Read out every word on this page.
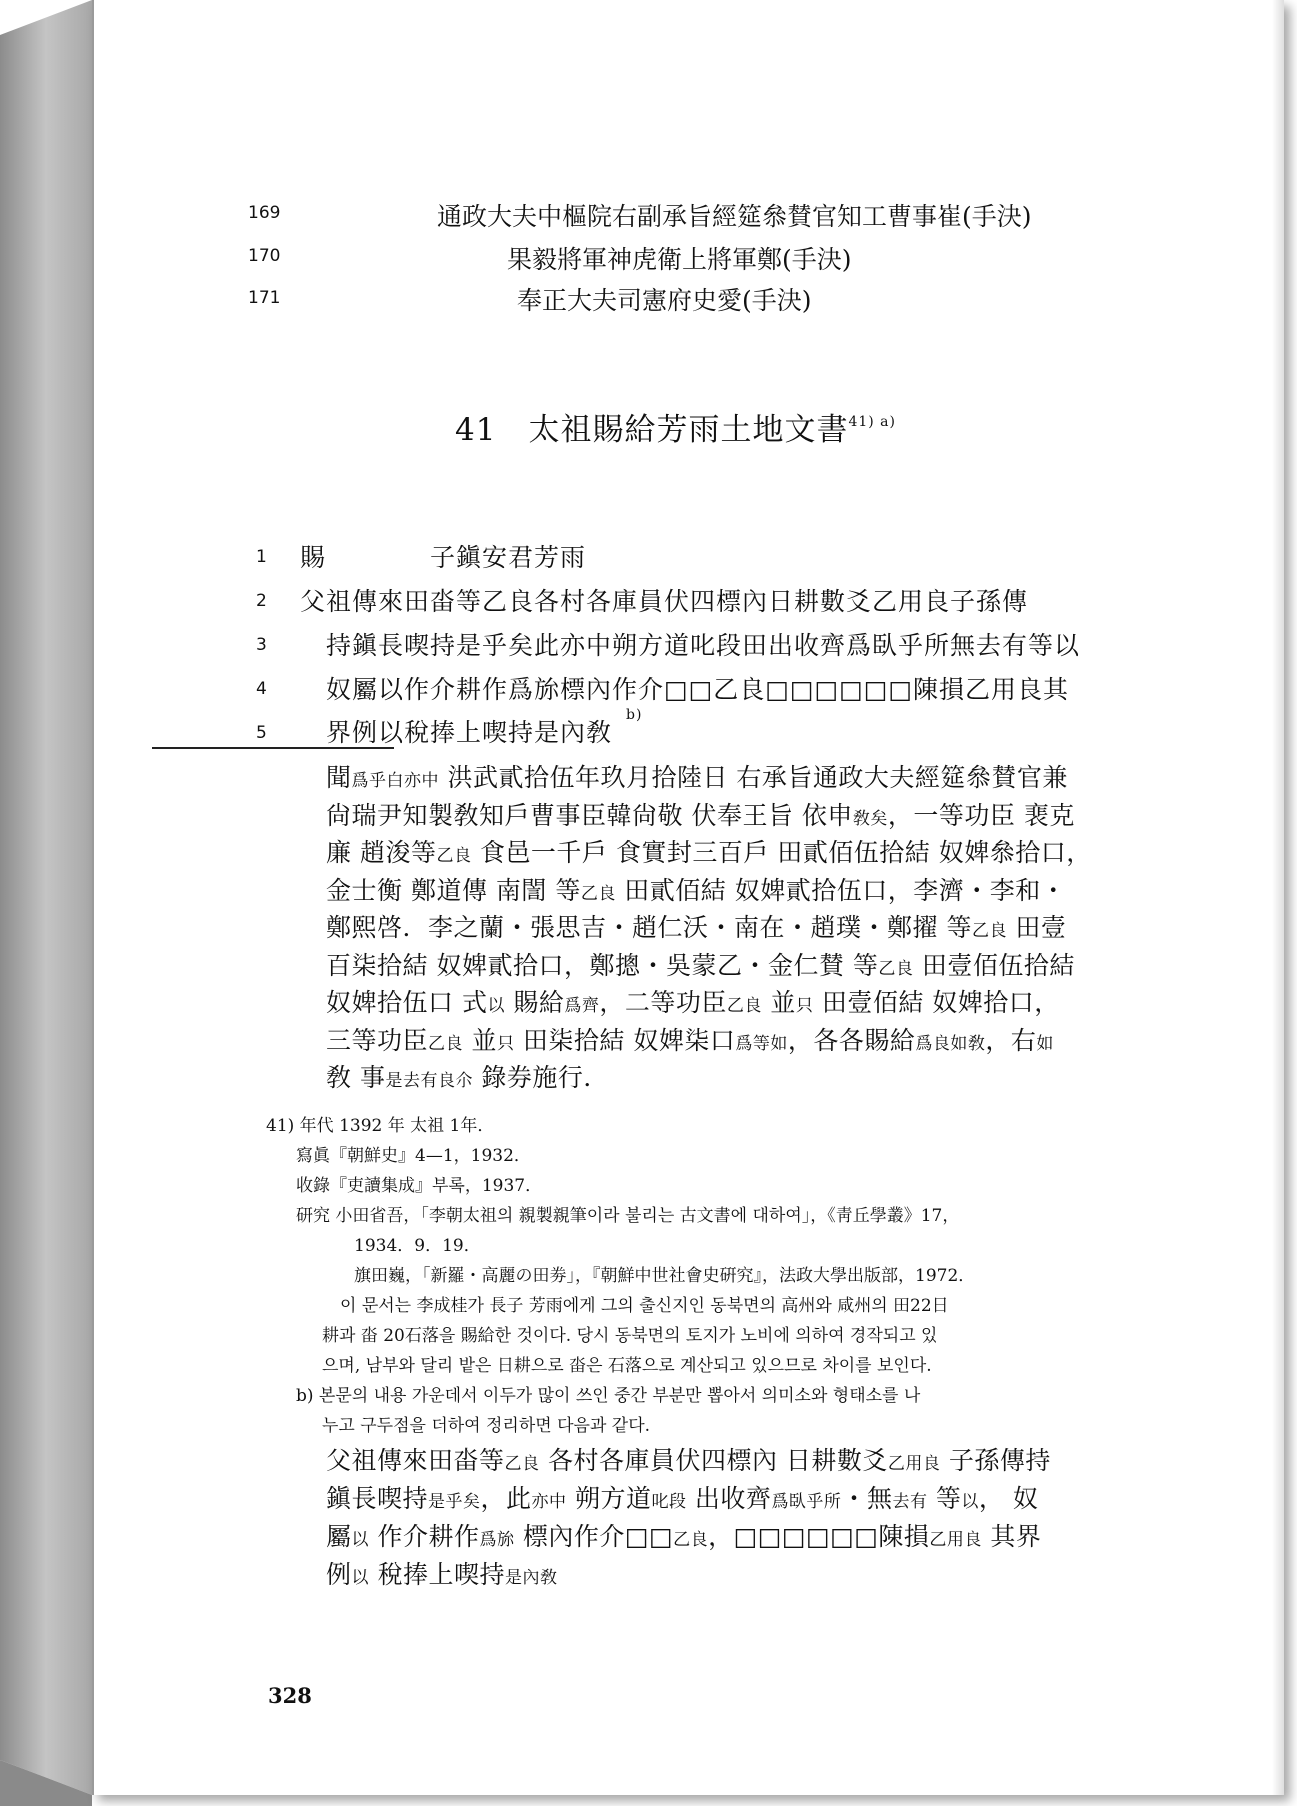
169	通政大夫中樞院右副承旨經筵叅賛官知工曹事崔(手決)
170	果毅將軍神虎衛上將軍鄭(手決)
171	奉正大夫司憲府史愛(手決)
41　 太祖賜給芳雨土地文書$^{41) a)}$
1 賜　　　　子鎭安君芳雨
2 父祖傳來田畓等乙良各村各庫員伏四標內日耕數爻乙用良子孫傳
3 持鎭長喫持是乎矣此亦中朔方道叱段田出收齊爲臥乎所無去有等以
4 奴屬以作介耕作爲旀標內作介□□乙良□□□□□□陳損乙用良其
5 界例以稅捧上喫持是內敎
b)
聞爲乎白亦中 洪武貳拾伍年玖月拾陸日 右承旨通政大夫經筵叅賛官兼
尙瑞尹知製敎知戶曹事臣韓尙敬 伏奉王旨 依申敎矣，一等功臣 裵克
廉 趙浚等乙良 食邑一千戶 食實封三百戶 田貳佰伍拾結 奴婢叅拾口，
金士衡 鄭道傳 南誾 等乙良 田貳佰結 奴婢貳拾伍口，李濟・李和・
鄭熙啓．李之蘭・張思吉・趙仁沃・南在・趙璞・鄭擢 等乙良 田壹
百柒拾結 奴婢貳拾口，鄭摠・吳蒙乙・金仁賛 等乙良 田壹佰伍拾結
奴婢拾伍口 式以 賜給爲齊，二等功臣乙良 並只 田壹佰結 奴婢拾口，
三等功臣乙良 並只 田柒拾結 奴婢柒口爲等如，各各賜給爲良如敎，右如
敎 事是去有良尒 錄券施行．
41) 年代 1392 年 太祖 1年．
寫眞『朝鮮史』4—1，1932．
收錄『吏讀集成』부록，1937．
研究 小田省吾，「李朝太祖의 親製親筆이라 불리는 古文書에 대하여」，《靑丘學叢》17，
1934．9．19．
旗田巍，「新羅・高麗の田劵」，『朝鮮中世社會史硏究』，法政大學出版部，1972．
이 문서는 李成桂가 長子 芳雨에게 그의 출신지인 동북면의 高州와 咸州의 田22日
耕과 畓 20石落을 賜給한 것이다. 당시 동북면의 토지가 노비에 의하여 경작되고 있
으며, 남부와 달리 밭은 日耕으로 畓은 石落으로 계산되고 있으므로 차이를 보인다.
b) 본문의 내용 가운데서 이두가 많이 쓰인 중간 부분만 뽑아서 의미소와 형태소를 나
누고 구두점을 더하여 정리하면 다음과 같다.
父祖傳來田畓等乙良 各村各庫員伏四標內 日耕數爻乙用良 子孫傳持
鎭長喫持是乎矣，此亦中 朔方道叱段 出收齊爲臥乎所・無去有 等以， 奴
屬以 作介耕作爲旀 標內作介□□乙良，□□□□□□陳損乙用良 其界
例以 稅捧上喫持是內敎
328
